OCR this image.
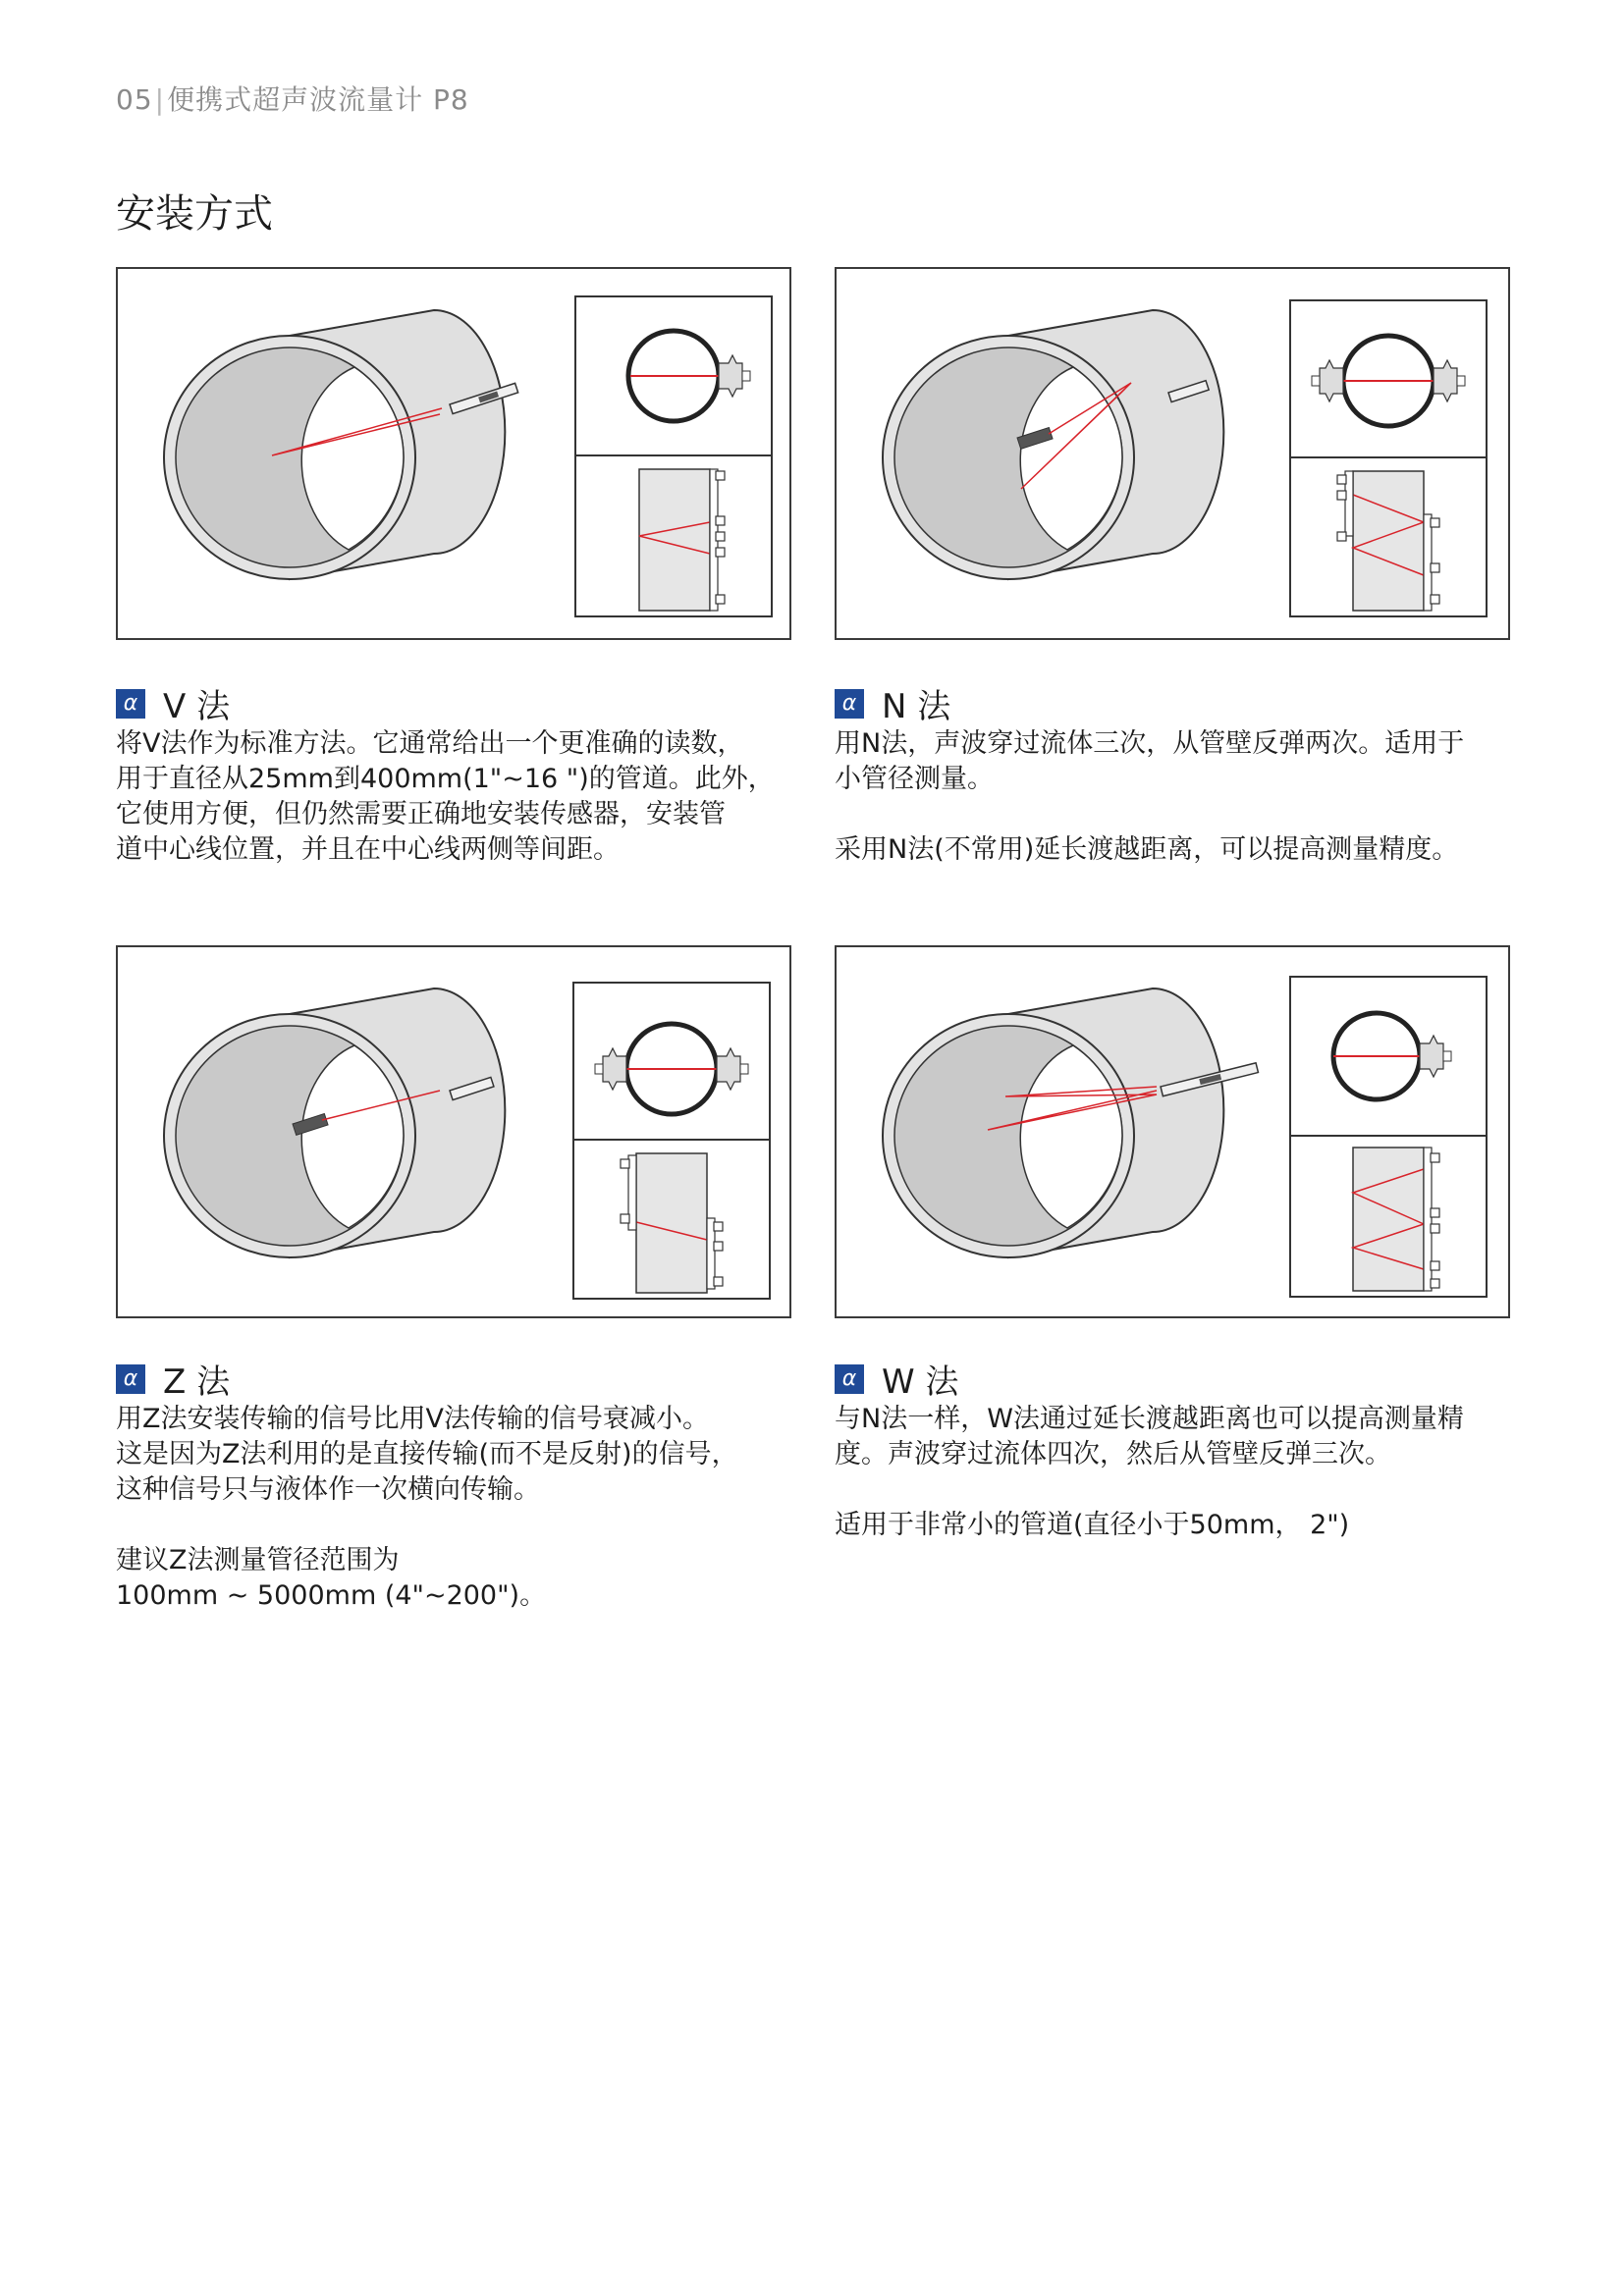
05|便携式超声波流量计 P8
安装方式
α V 法

将V法作为标准方法。它通常给出一个更准确的读数，

用于直径从25mm到400mm(1"~16 ")的管道。此外，

它使用方便，但仍然需要正确地安装传感器，安装管

道中心线位置，并且在中心线两侧等间距。

α N 法

用N法，声波穿过流体三次，从管壁反弹两次。适用于

小管径测量。

采用N法(不常用)延长渡越距离，可以提高测量精度。

α Z 法

用Z法安装传输的信号比用V法传输的信号衰减小。

这是因为Z法利用的是直接传输(而不是反射)的信号，

这种信号只与液体作一次横向传输。

建议Z法测量管径范围为

100mm ~ 5000mm (4"~200")。

α W 法

与N法一样，W法通过延长渡越距离也可以提高测量精

度。声波穿过流体四次，然后从管壁反弹三次。

适用于非常小的管道(直径小于50mm， 2")
